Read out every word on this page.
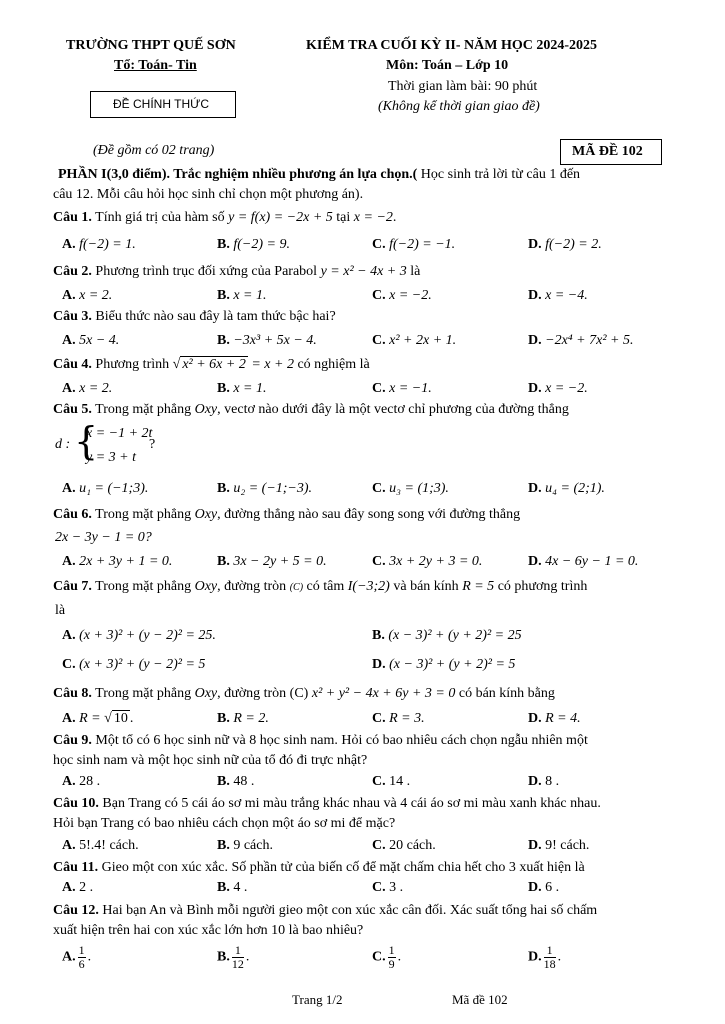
TRƯỜNG THPT QUẾ SƠN
Tổ: Toán- Tin
ĐỀ CHÍNH THỨC
KIỂM TRA CUỐI KỲ II- NĂM HỌC 2024-2025
Môn: Toán – Lớp 10
Thời gian làm bài: 90 phút
(Không kể thời gian giao đề)
(Đề gồm có 02 trang)	MÃ ĐỀ 102
PHẦN I(3,0 điểm). Trắc nghiệm nhiều phương án lựa chọn.( Học sinh trả lời từ câu 1 đến
câu 12. Mỗi câu hỏi học sinh chỉ chọn một phương án).
Câu 1. Tính giá trị của hàm số y = f(x) = −2x + 5 tại x = −2.
A. f(−2) = 1.	B. f(−2) = 9.	C. f(−2) = −1.	D. f(−2) = 2.
Câu 2. Phương trình trục đối xứng của Parabol y = x² − 4x + 3 là
A. x = 2.	B. x = 1.	C. x = −2.	D. x = −4.
Câu 3. Biểu thức nào sau đây là tam thức bậc hai?
A. 5x − 4.	B. −3x³ + 5x − 4.	C. x² + 2x + 1.	D. −2x⁴ + 7x² + 5.
Câu 4. Phương trình √ x² + 6x + 2 = x + 2 có nghiệm là
A. x = 2.	B. x = 1.	C. x = −1.	D. x = −2.
Câu 5. Trong mặt phẳng Oxy, vectơ nào dưới đây là một vectơ chỉ phương của đường thẳng
d : {
x = −1 + 2t
y = 3 + t
?
A. u₁ = (−1;3).	B. u₂ = (−1;−3).	C. u₃ = (1;3).	D. u₄ = (2;1).
Câu 6. Trong mặt phẳng Oxy, đường thẳng nào sau đây song song với đường thẳng
2x − 3y − 1 = 0?
A. 2x + 3y + 1 = 0.	B. 3x − 2y + 5 = 0.	C. 3x + 2y + 3 = 0.	D. 4x − 6y − 1 = 0.
Câu 7. Trong mặt phẳng Oxy, đường tròn (C) có tâm I(−3;2) và bán kính R = 5 có phương trình
là
A. (x + 3)² + (y − 2)² = 25.	B. (x − 3)² + (y + 2)² = 25
C. (x + 3)² + (y − 2)² = 5	D. (x − 3)² + (y + 2)² = 5
Câu 8. Trong mặt phẳng Oxy, đường tròn (C) x² + y² − 4x + 6y + 3 = 0 có bán kính bằng
A. R = √ 10 .	B. R = 2.	C. R = 3.	D. R = 4.
Câu 9. Một tổ có 6 học sinh nữ và 8 học sinh nam. Hỏi có bao nhiêu cách chọn ngẫu nhiên một
học sinh nam và một học sinh nữ của tổ đó đi trực nhật?
A. 28 .	B. 48 .	C. 14 .	D. 8 .
Câu 10. Bạn Trang có 5 cái áo sơ mi màu trắng khác nhau và 4 cái áo sơ mi màu xanh khác nhau.
Hỏi bạn Trang có bao nhiêu cách chọn một áo sơ mi để mặc?
A. 5!.4! cách.	B. 9 cách.	C. 20 cách.	D. 9! cách.
Câu 11. Gieo một con xúc xắc. Số phần tử của biến cố để mặt chấm chia hết cho 3 xuất hiện là
A. 2 .	B. 4 .	C. 3 .	D. 6 .
Câu 12. Hai bạn An và Bình mỗi người gieo một con xúc xắc cân đối. Xác suất tổng hai số chấm
xuất hiện trên hai con xúc xắc lớn hơn 10 là bao nhiêu?
A. $\frac{1}{6}$ .	B. $\frac{1}{12}$ .	C. $\frac{1}{9}$ .	D. $\frac{1}{18}$ .
Trang 1/2	Mã đề 102
